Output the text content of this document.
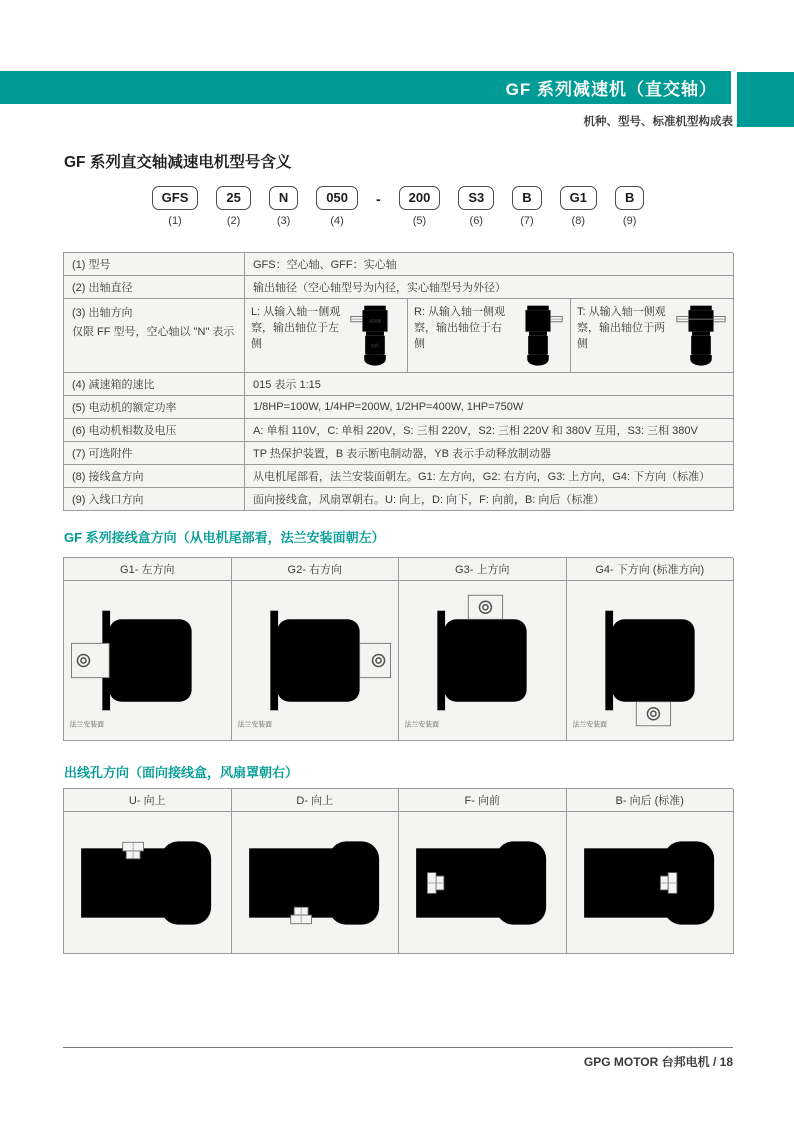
GF 系列减速机（直交轴）
机种、型号、标准机型构成表
GF 系列直交轴减速电机型号含义
GFS
(1)
25
(2)
N
(3)
050
(4)
-	200
(5)
S3
(6)
B
(7)
G1
(8)
B
(9)
(1) 型号	GFS：空心轴、GFF：实心轴
(2) 出轴直径	输出轴径（空心轴型号为内径，实心轴型号为外径）
(3) 出轴方向
仅限 FF 型号，空心轴以 "N" 表示
L: 从输入轴一侧观察，输出轴位于左侧
减速箱
电机
R: 从输入轴一侧观察，输出轴位于右侧
T: 从输入轴一侧观察，输出轴位于两侧
(4) 减速箱的速比	015 表示 1:15
(5) 电动机的额定功率	1/8HP=100W, 1/4HP=200W, 1/2HP=400W, 1HP=750W
(6) 电动机相数及电压	A: 单相 110V，C: 单相 220V，S: 三相 220V，S2: 三相 220V 和 380V 互用，S3: 三相 380V
(7) 可选附件	TP 热保护装置，B 表示断电制动器，YB 表示手动释放制动器
(8) 接线盒方向	从电机尾部看，法兰安装面朝左。G1: 左方向，G2: 右方向，G3: 上方向，G4: 下方向（标准）
(9) 入线口方向	面向接线盒，风扇罩朝右。U: 向上，D: 向下，F: 向前，B: 向后（标准）
GF 系列接线盒方向（从电机尾部看，法兰安装面朝左）
G1- 左方向	G2- 右方向	G3- 上方向	G4- 下方向 (标准方向)
法兰安装面	法兰安装面	法兰安装面	法兰安装面
出线孔方向（面向接线盒，风扇罩朝右）
U- 向上	D- 向上	F- 向前	B- 向后 (标准)
GPG MOTOR 台邦电机 / 18
